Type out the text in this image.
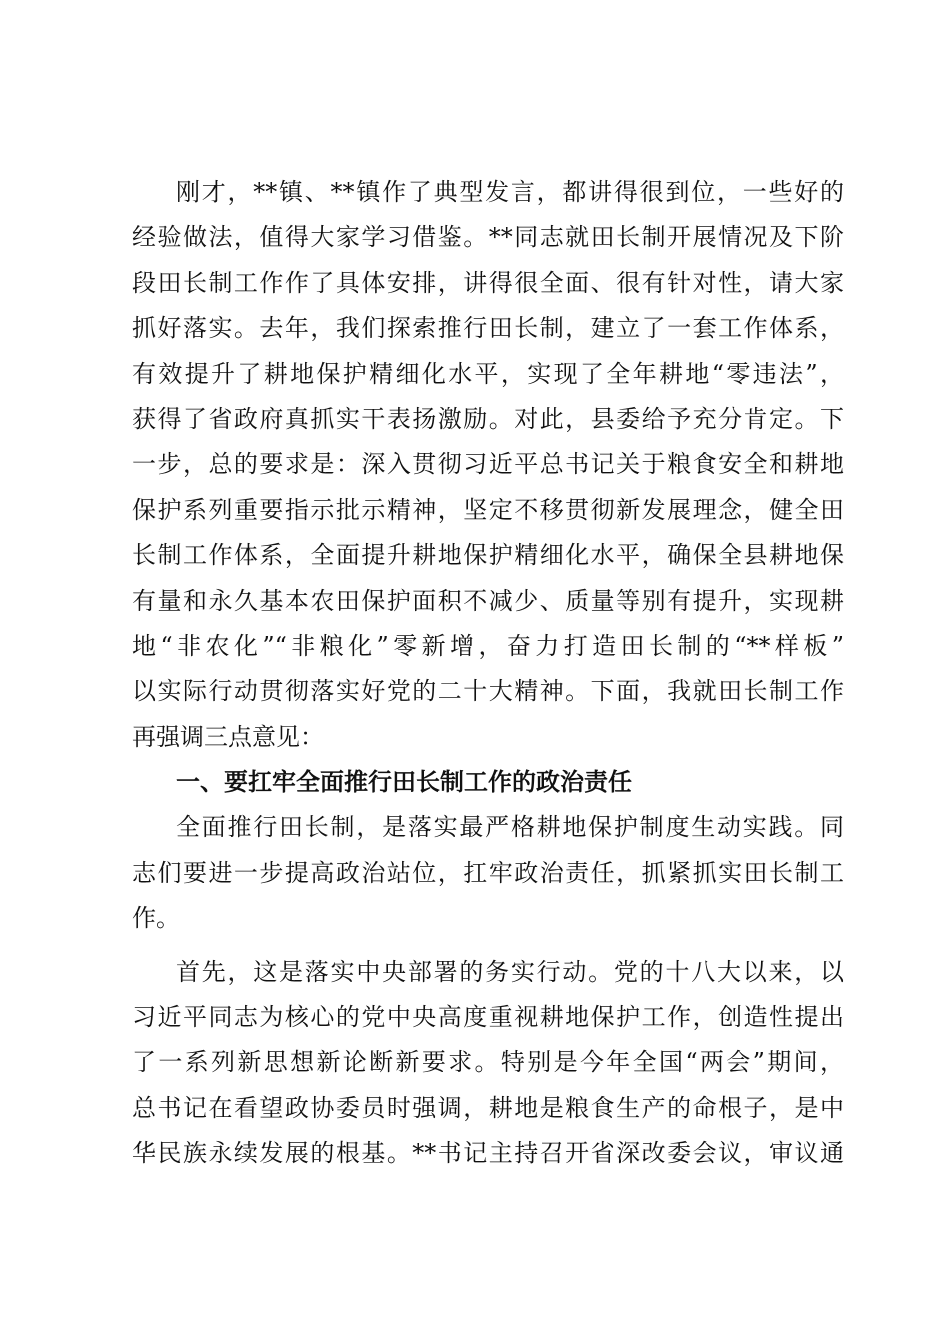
刚才，**镇、**镇作了典型发言，都讲得很到位，一些好的
经验做法，值得大家学习借鉴。**同志就田长制开展情况及下阶
段田长制工作作了具体安排，讲得很全面、很有针对性，请大家
抓好落实。去年，我们探索推行田长制，建立了一套工作体系，
有效提升了耕地保护精细化水平，实现了全年耕地“零违法”，
获得了省政府真抓实干表扬激励。对此，县委给予充分肯定。下
一步，总的要求是：深入贯彻习近平总书记关于粮食安全和耕地
保护系列重要指示批示精神，坚定不移贯彻新发展理念，健全田
长制工作体系，全面提升耕地保护精细化水平，确保全县耕地保
有量和永久基本农田保护面积不减少、质量等别有提升，实现耕
地“非农化”“非粮化”零新增，奋力打造田长制的“**样板”
以实际行动贯彻落实好党的二十大精神。下面，我就田长制工作
再强调三点意见：
一、要扛牢全面推行田长制工作的政治责任
全面推行田长制，是落实最严格耕地保护制度生动实践。同
志们要进一步提高政治站位，扛牢政治责任，抓紧抓实田长制工
作。
首先，这是落实中央部署的务实行动。党的十八大以来，以
习近平同志为核心的党中央高度重视耕地保护工作，创造性提出
了一系列新思想新论断新要求。特别是今年全国“两会”期间，
总书记在看望政协委员时强调，耕地是粮食生产的命根子，是中
华民族永续发展的根基。**书记主持召开省深改委会议，审议通
